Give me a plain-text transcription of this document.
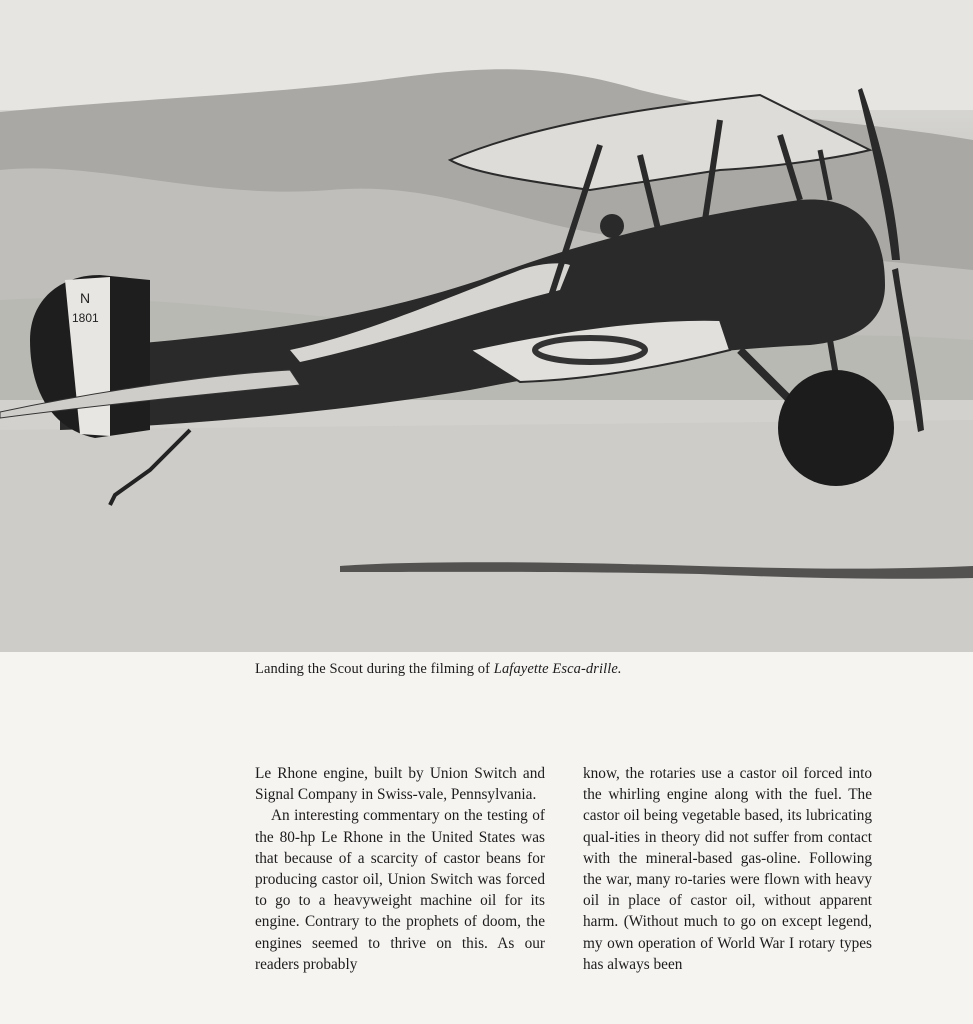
N
1801
Landing the Scout during the filming of Lafayette Esca-drille.

Le Rhone engine, built by Union Switch and Signal Company in Swiss-vale, Pennsylvania.

An interesting commentary on the testing of the 80-hp Le Rhone in the United States was that because of a scarcity of castor beans for producing castor oil, Union Switch was forced to go to a heavyweight machine oil for its engine. Contrary to the prophets of doom, the engines seemed to thrive on this. As our readers probably

know, the rotaries use a castor oil forced into the whirling engine along with the fuel. The castor oil being vegetable based, its lubricating qual-ities in theory did not suffer from contact with the mineral-based gas-oline. Following the war, many ro-taries were flown with heavy oil in place of castor oil, without apparent harm. (Without much to go on except legend, my own operation of World War I rotary types has always been
